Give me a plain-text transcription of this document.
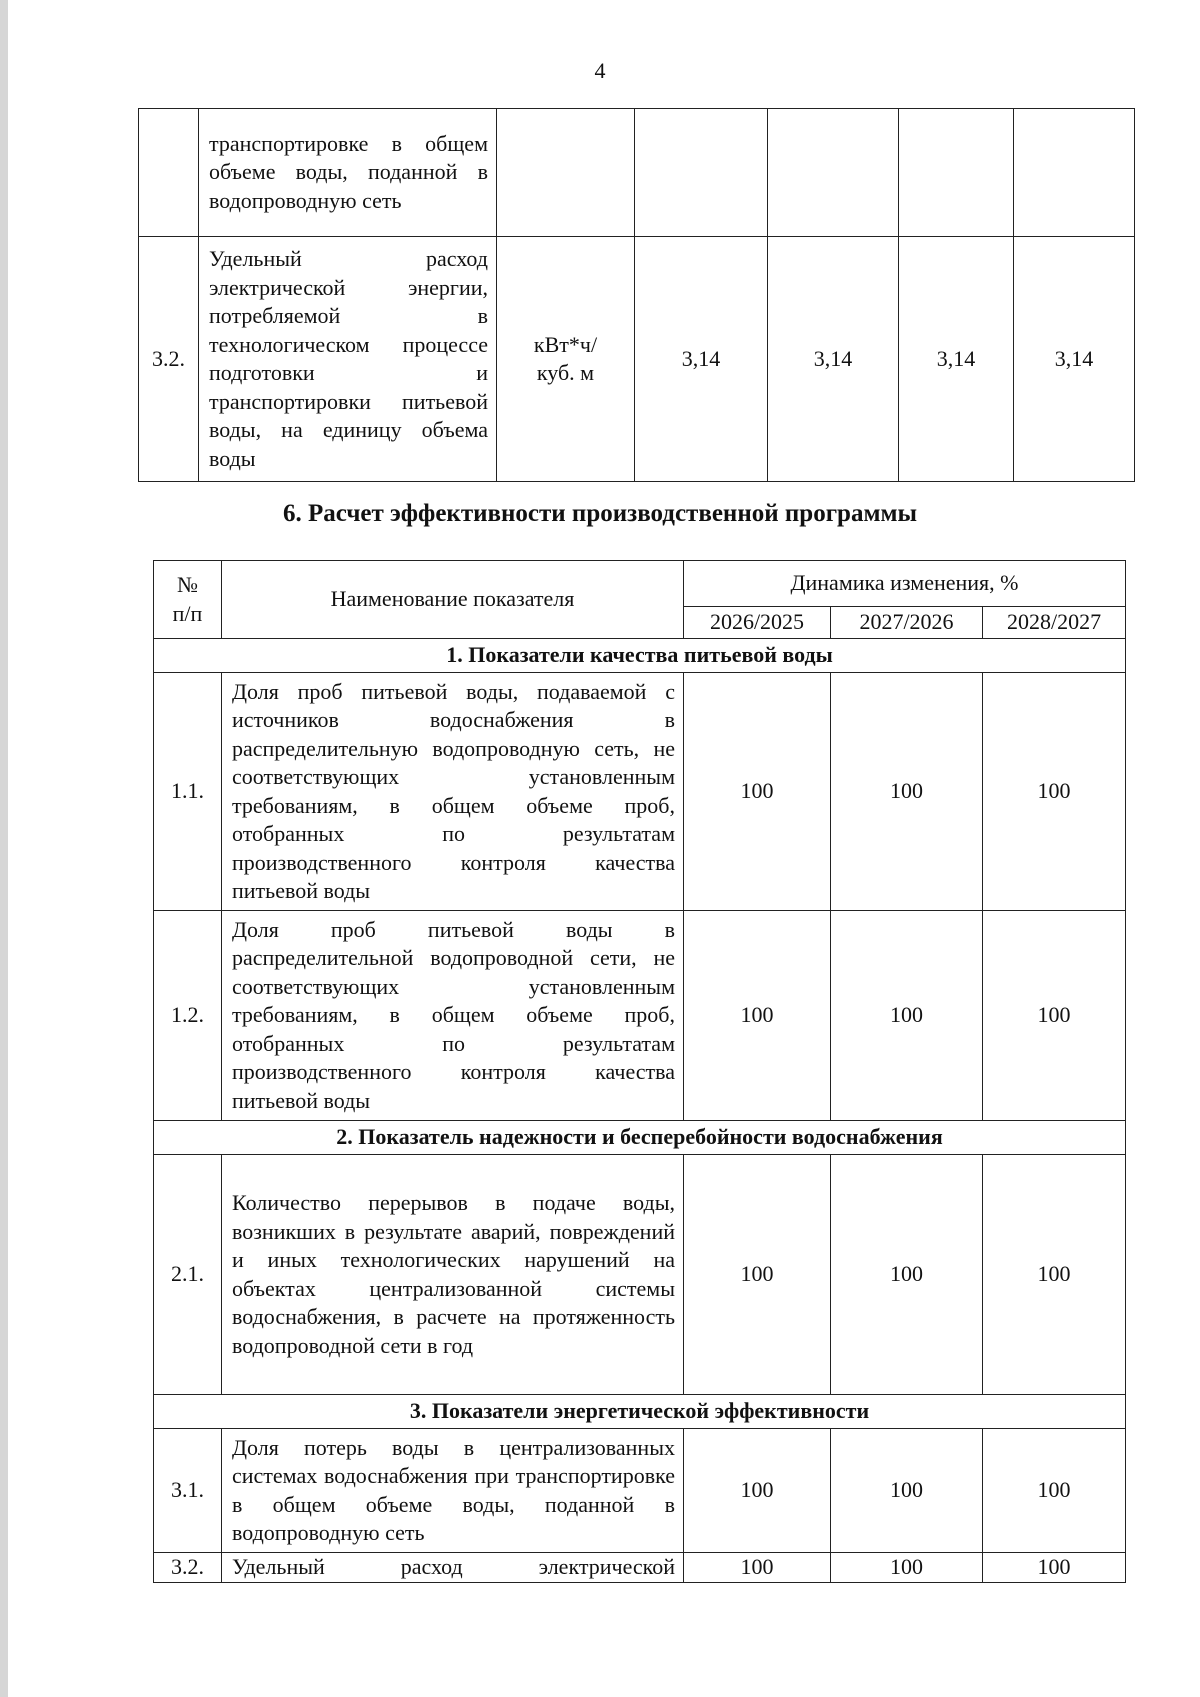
4
	транспортировке в общем объеме воды, поданной в водопроводную сеть					
3.2.	Удельный расход электрической энергии, потребляемой в технологическом процессе подготовки и транспортировки питьевой воды, на единицу объема воды	кВт*ч/
куб. м	3,14	3,14	3,14	3,14
6. Расчет эффективности производственной программы
№
п/п	Наименование показателя	Динамика изменения, %		
		2026/2025	2027/2026	2028/2027
1. Показатели качества питьевой воды				
1.1.	Доля проб питьевой воды, подаваемой с источников водоснабжения в распределительную водопроводную сеть, не соответствующих установленным требованиям, в общем объеме проб, отобранных по результатам производственного контроля качества питьевой воды	100	100	100
1.2.	Доля проб питьевой воды в распределительной водопроводной сети, не соответствующих установленным требованиям, в общем объеме проб, отобранных по результатам производственного контроля качества питьевой воды	100	100	100
2. Показатель надежности и бесперебойности водоснабжения				
2.1.	Количество перерывов в подаче воды, возникших в результате аварий, повреждений и иных технологических нарушений на объектах централизованной системы водоснабжения, в расчете на протяженность водопроводной сети в год	100	100	100
3. Показатели энергетической эффективности				
3.1.	Доля потерь воды в централизованных системах водоснабжения при транспортировке в общем объеме воды, поданной в водопроводную сеть	100	100	100
3.2.	Удельный расход электрической	100	100	100
